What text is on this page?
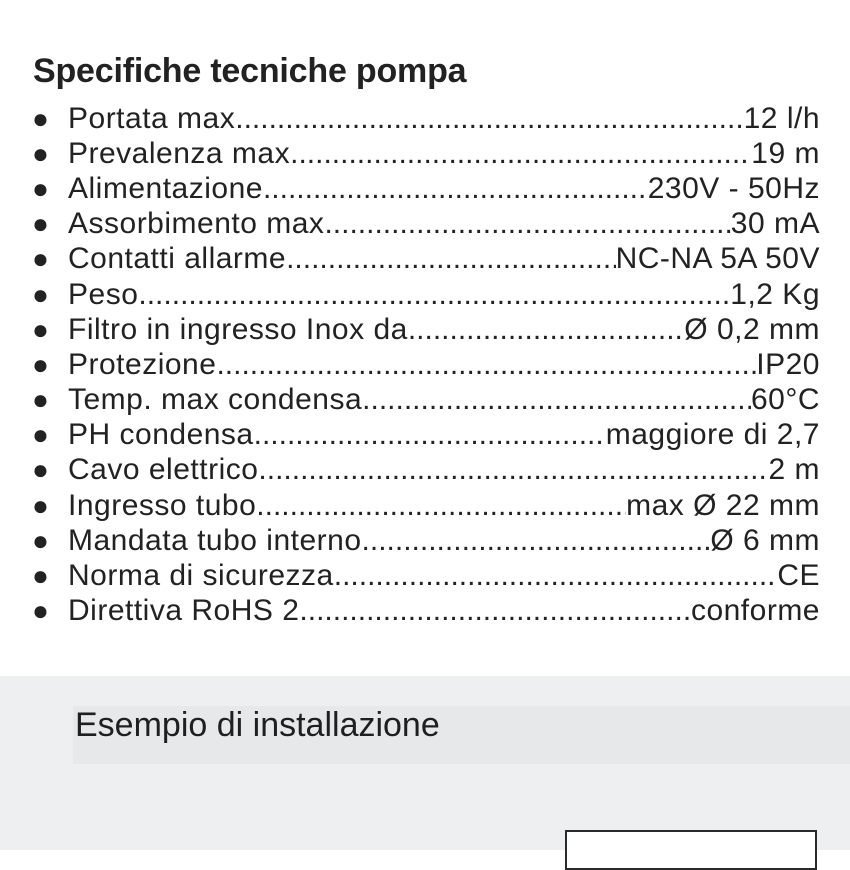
Specifiche tecniche pompa
● Portata max .....	12 l/h
● Prevalenza max .....	19 m
● Alimentazione .....	230V - 50Hz
● Assorbimento max .....	30 mA
● Contatti allarme .....	NC-NA 5A 50V
● Peso .....	1,2 Kg
● Filtro in ingresso Inox da .....	Ø 0,2 mm
● Protezione .....	IP20
● Temp. max condensa .....	60°C
● PH condensa .....	maggiore di 2,7
● Cavo elettrico .....	2 m
● Ingresso tubo .....	max Ø 22 mm
● Mandata tubo interno .....	Ø 6 mm
● Norma di sicurezza .....	CE
● Direttiva RoHS 2 .....	conforme
Esempio di installazione
